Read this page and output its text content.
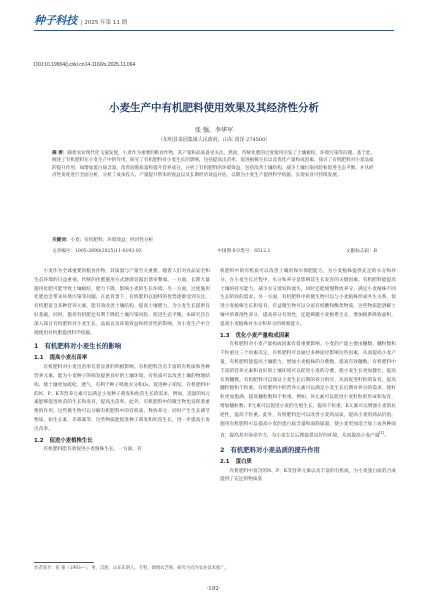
种子科技 | 2025 年第 11 期
DOI:10.19904/j.cnki.cn14-1160/s.2025.11.064
小麦生产中有机肥料使用效果及其经济性分析
张 强，李华军
（东明县菜园集镇人民政府，山东 菏泽 274500）
摘 要：随着农业现代化飞速发展，小麦作为重要的粮食作物，其产量和品质备受关注。然而，传统化肥的过度使用引发了土壤板结、环境污染等问题。基于此，阐述了有机肥料在小麦生产中的作用，研究了有机肥料对小麦生长的影响，包括提高出苗率、促进植株生长以及优化产量构成因素；探讨了有机肥料对小麦品质的提升作用，如增加蛋白质含量、改善面筋质量和提升营养成分，分析了有机肥料的环境效益，包括改善土壤结构、减少土壤污染风险和促进生态平衡，并从经济性角度进行全面分析，分析了成本投入、产量提升带来的收益以及长期经济效益评估，以期为小麦生产提供科学依据，实现农业可持续发展。
关键词：小麦；有机肥料；环境效益；经济性分析
文章编号：1005-2690(2025)11-0192-03	中国图书分类号：S512.1	文献标志码：B

小麦作为全球重要的粮食作物，其质量与产量至关重要。随着人们对食品安全和生态环境的日益重视，传统的化肥施用方式逐渐显露出诸多弊端。一方面，长期大量施用化肥可能导致土壤板结、肥力下降，影响小麦的生长环境；另一方面，过度施用化肥也会带来环境污染等问题。在此背景下，有机肥料以独特的优势逐渐受到关注。有机肥富含多种营养元素，能有效改善土壤结构，提高土壤肥力，为小麦生长提供良好基础。同时，施用有机肥还有利于降低土壤污染风险，促进生态平衡。本研究旨在深入探讨有机肥料对小麦生长、品质以及环境效益和经济性的影响，为小麦生产中合理使用有机肥提供科学依据。

1 有机肥料对小麦生长的影响
1.1 提高小麦出苗率

有机肥料对小麦出苗率有着显著的积极影响。有机肥料含有丰富的有机质和各种营养元素，能为小麦种子的萌发提供良好的土壤环境。有机质可以改善土壤的物理结构，使土壤更加疏松、透气，有利于种子吸收水分和O₂，促进种子萌发。有机肥料中的N、P、K等营养元素可以满足小麦种子萌发和幼苗生长的需求，例如，适量的N元素能够促进幼苗的生长和发育，提高出苗率。此外，有机肥料中的微生物也发挥着重要的作用。这些微生物可以分解有机肥料中的有机质，释放养分，同时产生生长调节物质，如生长素、赤霉素等，这些物质能促进种子萌发和幼苗生长，进一步提高小麦出苗率。

1.2 促进小麦植株生长

有机肥料能有效促进小麦植株生长，一方面，有

机肥料中的有机质可以改善土壤的保水保肥能力，为小麦植株提供充足的水分和养分。在小麦生长过程中，水分和养分是影响其生长发育的关键因素。有机肥料能提高土壤的持水能力，减少水分蒸发和流失，同时还能缓慢释放养分，满足小麦植株不同生长阶段的需求。另一方面，有机肥料中的微生物可以与小麦植株形成共生关系，促进小麦植株生长和发育。有益微生物可以分泌有机酸和酶类物质，这些物质能溶解土壤中的难溶性养分，提高养分有效性，还能刺激小麦根系生长，增加根系吸收面积，提高小麦植株对水分和养分的吸收能力。

1.3 优化小麦产量构成因素

有机肥料对小麦产量构成因素有着重要影响。小麦的产量主要由穗数、穗粒数和千粒重这三个因素决定。有机肥料可以通过多种途径影响这些因素，从而提高小麦产量。有机肥料能提高土壤肥力，增加小麦植株的分蘖数，提高有效穗数。有机肥料中丰富的营养元素和良好的土壤环境可以促进小麦的分蘖，使小麦生长更加健壮，提高有效穗数。有机肥料可以保证小麦生长后期的养分供应，从而促进籽粒的发育，提高穗粒数和千粒重。有机肥料中的营养元素可以满足小麦生长后期对养分的需求，使籽粒更加饱满，提高穗粒数和千粒重。例如，N元素可以促进小麦籽粒的形成和发育，增加穗粒数；P元素可以促进小麦的生殖生长，提高千粒重；K元素可以增强小麦的抗逆性，提高千粒重。此外，有机肥料还可以改善小麦的品质，提高小麦的商品价值。施用有机肥料可以提高小麦的蛋白质含量和面筋质量，使小麦更加适合加工成各种面食，提高其市场竞争力，为小麦生长后期提供良好的环境，从而提高小麦产量[1]。

2 有机肥料对小麦品质的提升作用
2.1 蛋白质

有机肥料中富含的N、P、K等营养元素以及丰富的有机质，为小麦蛋白质的合成提供了充足的物质基

作者简介：张 强（1993—），男，汉族，山东东明人，专科，助理农艺师，研究方向为农业技术推广。
·192·
